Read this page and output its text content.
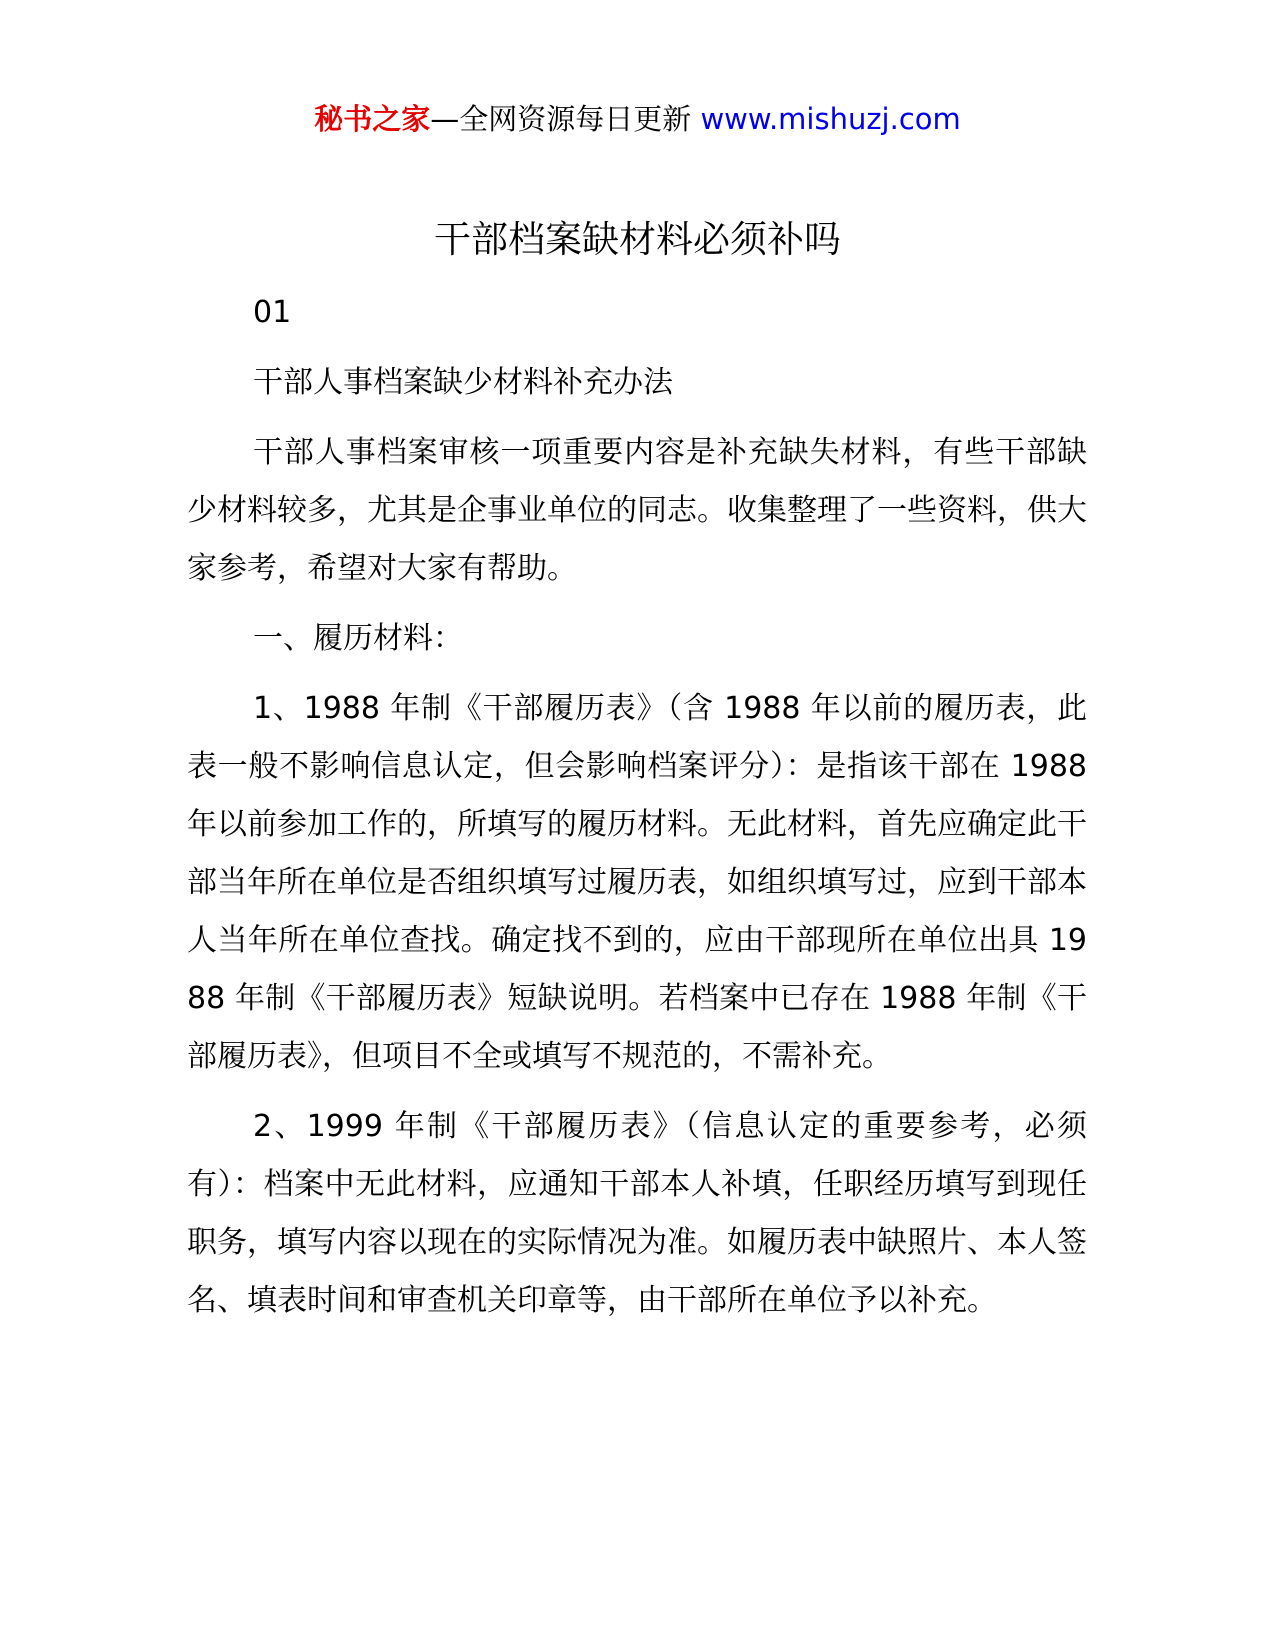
秘书之家—全网资源每日更新 www.mishuzj.com
干部档案缺材料必须补吗

01

干部人事档案缺少材料补充办法

干部人事档案审核一项重要内容是补充缺失材料，有些干部缺少材料较多，尤其是企事业单位的同志。收集整理了一些资料，供大家参考，希望对大家有帮助。

一、履历材料：

1、1988 年制《干部履历表》（含 1988 年以前的履历表，此表一般不影响信息认定，但会影响档案评分）：是指该干部在 1988 年以前参加工作的，所填写的履历材料。无此材料，首先应确定此干部当年所在单位是否组织填写过履历表，如组织填写过，应到干部本人当年所在单位查找。确定找不到的，应由干部现所在单位出具 1988 年制《干部履历表》短缺说明。若档案中已存在 1988 年制《干部履历表》，但项目不全或填写不规范的，不需补充。

2、1999 年制《干部履历表》（信息认定的重要参考，必须有）：档案中无此材料，应通知干部本人补填，任职经历填写到现任职务，填写内容以现在的实际情况为准。如履历表中缺照片、本人签名、填表时间和审查机关印章等，由干部所在单位予以补充。
